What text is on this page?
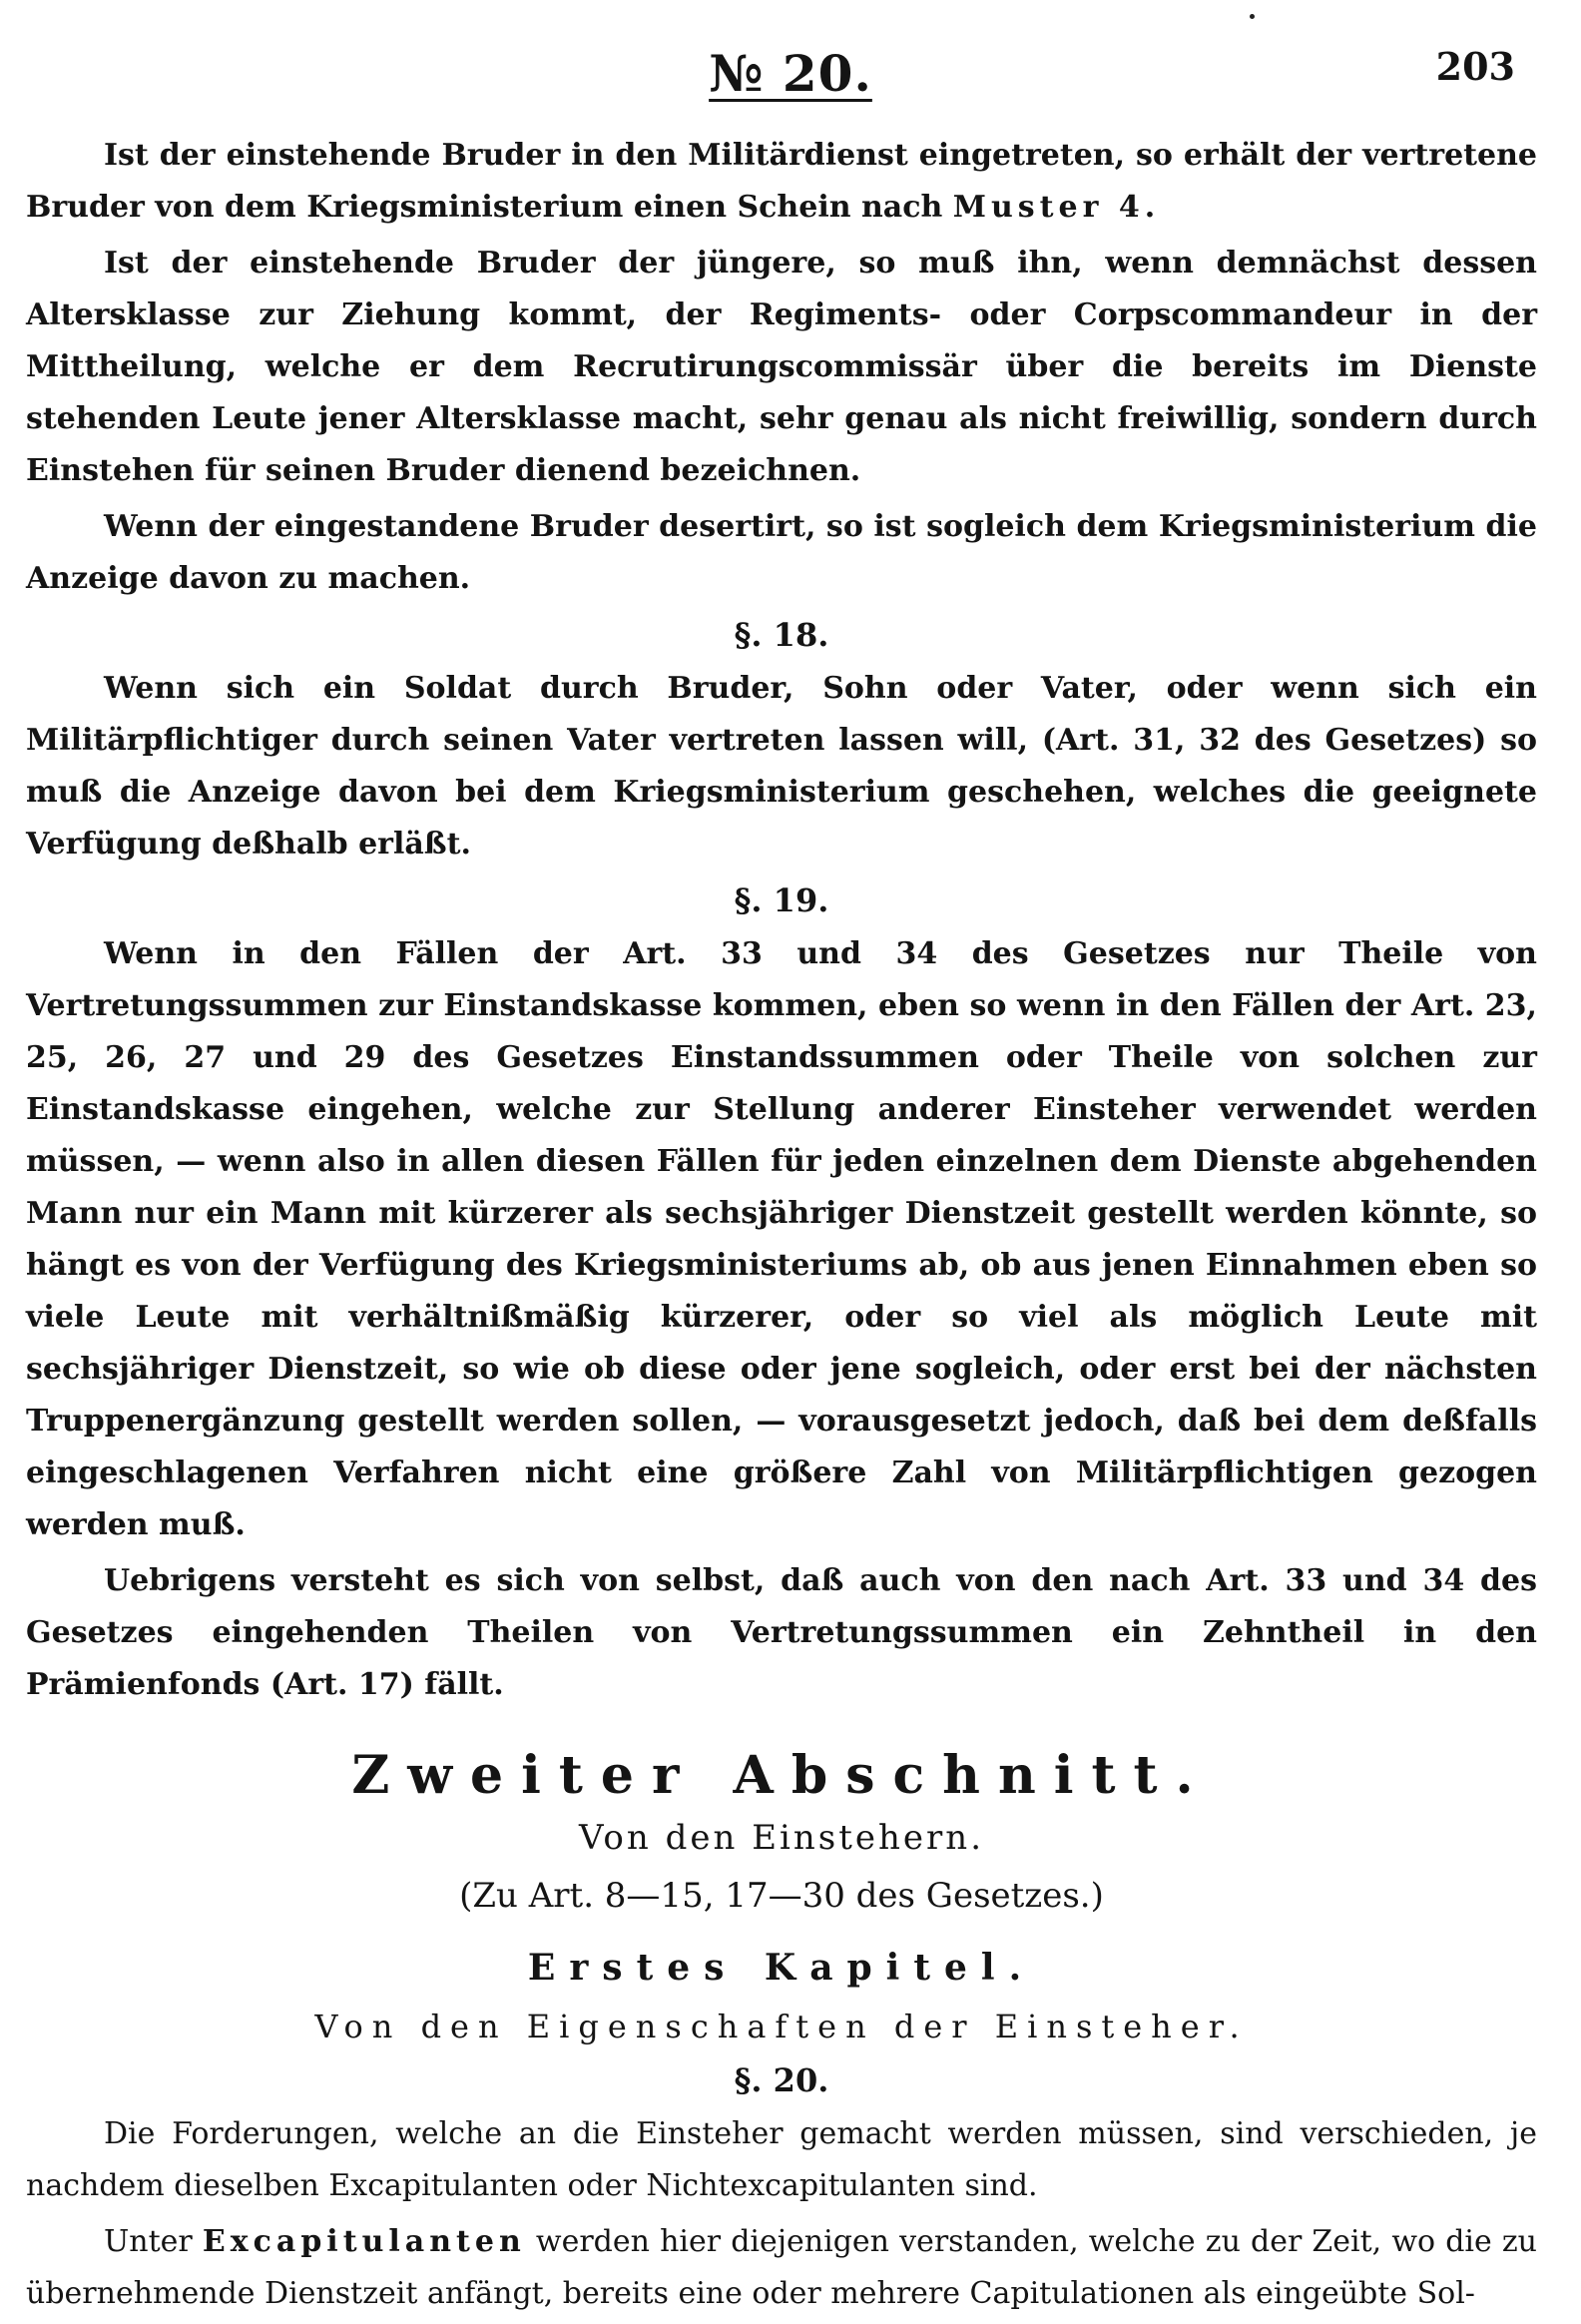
№ 20.	203

Ist der einstehende Bruder in den Militärdienst eingetreten, so erhält der vertretene Bruder von dem Kriegsministerium einen Schein nach Muster 4.

Ist der einstehende Bruder der jüngere, so muß ihn, wenn demnächst dessen Altersklasse zur Ziehung kommt, der Regiments- oder Corpscommandeur in der Mittheilung, welche er dem Recrutirungscommissär über die bereits im Dienste stehenden Leute jener Altersklasse macht, sehr genau als nicht freiwillig, sondern durch Einstehen für seinen Bruder dienend bezeichnen.

Wenn der eingestandene Bruder desertirt, so ist sogleich dem Kriegsministerium die Anzeige davon zu machen.

§. 18.

Wenn sich ein Soldat durch Bruder, Sohn oder Vater, oder wenn sich ein Militärpflichtiger durch seinen Vater vertreten lassen will, (Art. 31, 32 des Gesetzes) so muß die Anzeige davon bei dem Kriegsministerium geschehen, welches die geeignete Verfügung deßhalb erläßt.

§. 19.

Wenn in den Fällen der Art. 33 und 34 des Gesetzes nur Theile von Vertretungssummen zur Einstandskasse kommen, eben so wenn in den Fällen der Art. 23, 25, 26, 27 und 29 des Gesetzes Einstandssummen oder Theile von solchen zur Einstandskasse eingehen, welche zur Stellung anderer Einsteher verwendet werden müssen, — wenn also in allen diesen Fällen für jeden einzelnen dem Dienste abgehenden Mann nur ein Mann mit kürzerer als sechsjähriger Dienstzeit gestellt werden könnte, so hängt es von der Verfügung des Kriegsministeriums ab, ob aus jenen Einnahmen eben so viele Leute mit verhältnißmäßig kürzerer, oder so viel als möglich Leute mit sechsjähriger Dienstzeit, so wie ob diese oder jene sogleich, oder erst bei der nächsten Truppenergänzung gestellt werden sollen, — vorausgesetzt jedoch, daß bei dem deßfalls eingeschlagenen Verfahren nicht eine größere Zahl von Militärpflichtigen gezogen werden muß.

Uebrigens versteht es sich von selbst, daß auch von den nach Art. 33 und 34 des Gesetzes eingehenden Theilen von Vertretungssummen ein Zehntheil in den Prämienfonds (Art. 17) fällt.

Zweiter Abschnitt.
Von den Einstehern.
(Zu Art. 8—15, 17—30 des Gesetzes.)
Erstes Kapitel.
Von den Eigenschaften der Einsteher.
§. 20.

Die Forderungen, welche an die Einsteher gemacht werden müssen, sind verschieden, je nachdem dieselben Excapitulanten oder Nichtexcapitulanten sind.

Unter Excapitulanten werden hier diejenigen verstanden, welche zu der Zeit, wo die zu übernehmende Dienstzeit anfängt, bereits eine oder mehrere Capitulationen als eingeübte Sol-
